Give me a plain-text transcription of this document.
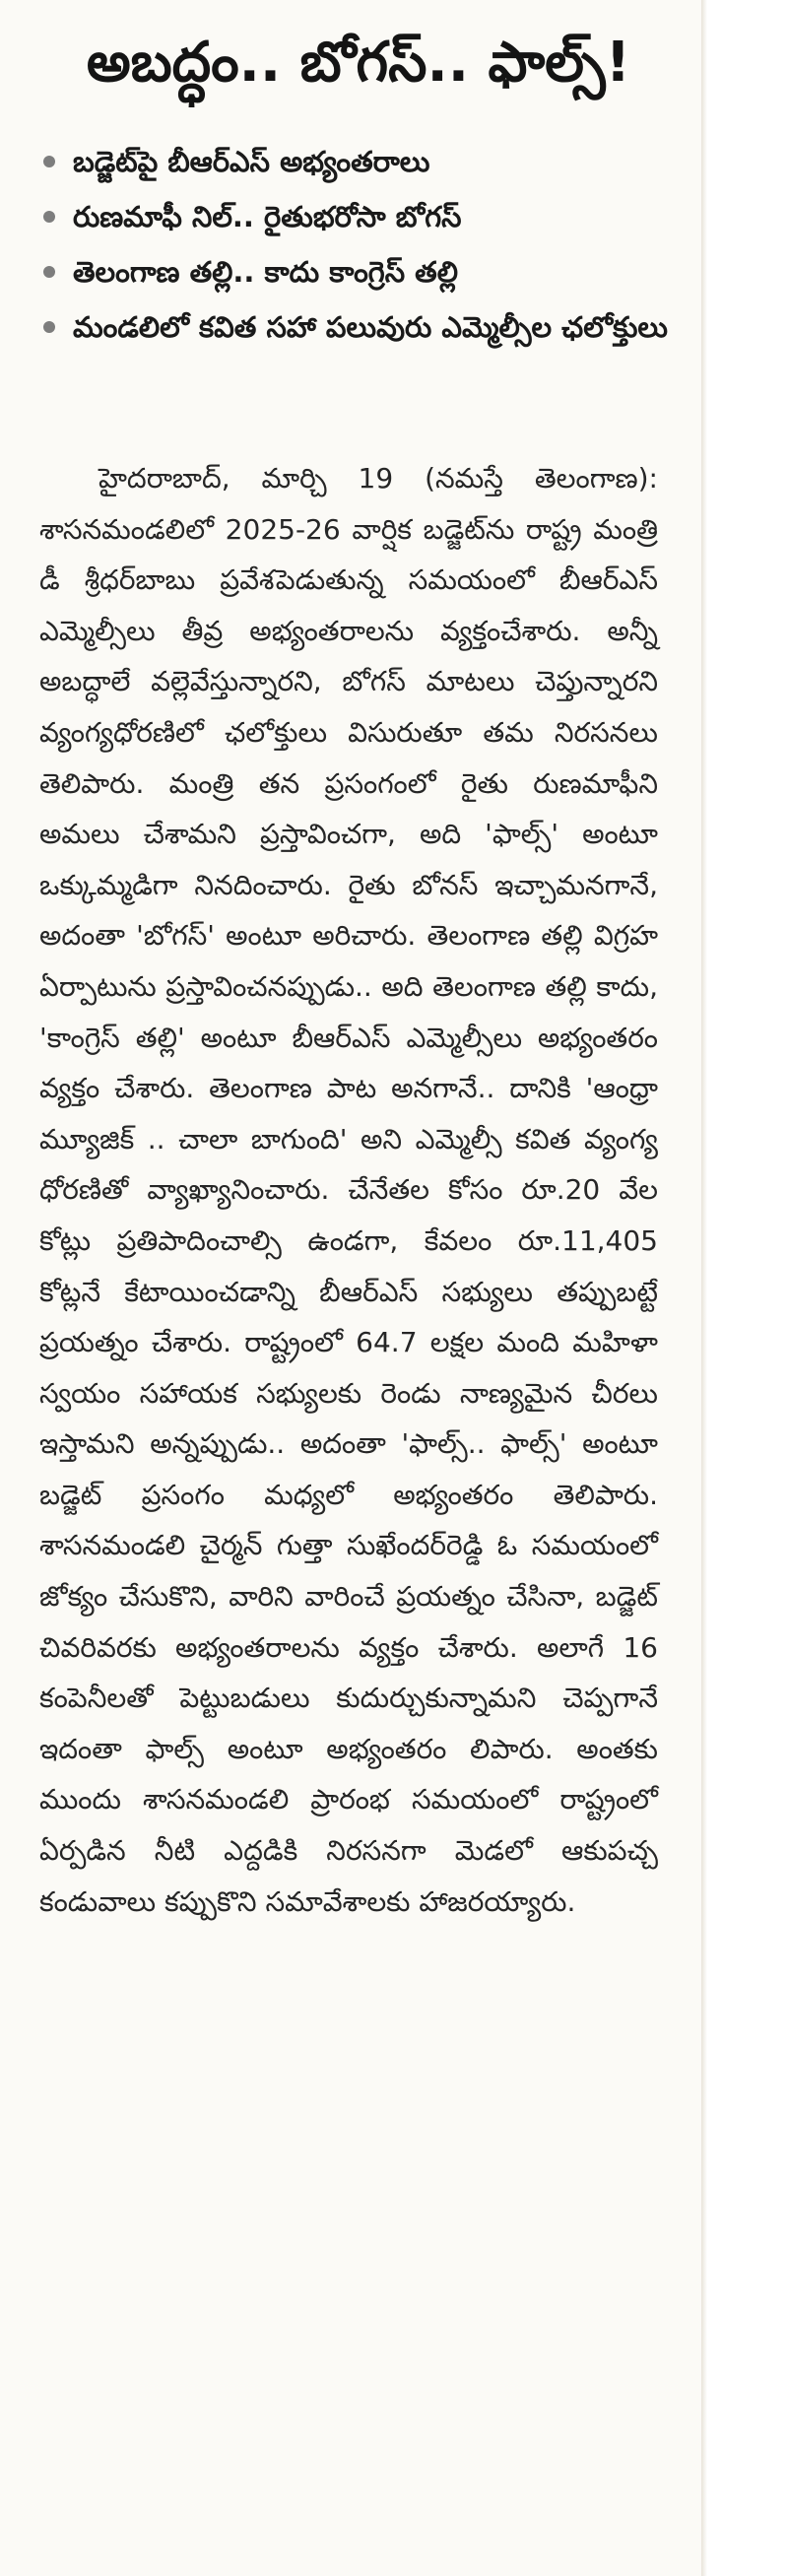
అబద్ధం.. బోగస్.. ఫాల్స్!
బడ్జెట్‌పై బీఆర్ఎస్ అభ్యంతరాలు
రుణమాఫీ నిల్.. రైతుభరోసా బోగస్
తెలంగాణ తల్లి.. కాదు కాంగ్రెస్ తల్లి
మండలిలో కవిత సహా పలువురు ఎమ్మెల్సీల ఛలోక్తులు

హైదరాబాద్, మార్చి 19 (నమస్తే తెలంగాణ): శాసనమండలిలో 2025-26 వార్షిక బడ్జెట్‌ను రాష్ట్ర మంత్రి డీ శ్రీధర్‌బాబు ప్రవేశపెడుతున్న సమయంలో బీఆర్ఎస్ ఎమ్మెల్సీలు తీవ్ర అభ్యంతరాలను వ్యక్తంచేశారు. అన్నీ అబద్ధాలే వల్లెవేస్తున్నారని, బోగస్ మాటలు చెప్తున్నారని వ్యంగ్యధోరణిలో ఛలోక్తులు విసురుతూ తమ నిరసనలు తెలిపారు. మంత్రి తన ప్రసంగంలో రైతు రుణమాఫీని అమలు చేశామని ప్రస్తావించగా, అది 'ఫాల్స్' అంటూ ఒక్కుమ్మడిగా నినదించారు. రైతు బోనస్ ఇచ్చామనగానే, అదంతా 'బోగస్' అంటూ అరిచారు. తెలంగాణ తల్లి విగ్రహ ఏర్పాటును ప్రస్తావించనప్పుడు.. అది తెలంగాణ తల్లి కాదు, 'కాంగ్రెస్ తల్లి' అంటూ బీఆర్ఎస్ ఎమ్మెల్సీలు అభ్యంతరం వ్యక్తం చేశారు. తెలంగాణ పాట అనగానే.. దానికి 'ఆంధ్రా మ్యూజిక్ .. చాలా బాగుంది' అని ఎమ్మెల్సీ కవిత వ్యంగ్య ధోరణితో వ్యాఖ్యానించారు. చేనేతల కోసం రూ.20 వేల కోట్లు ప్రతిపాదించాల్సి ఉండగా, కేవలం రూ.11,405 కోట్లనే కేటాయించడాన్ని బీఆర్ఎస్ సభ్యులు తప్పుబట్టే ప్రయత్నం చేశారు. రాష్ట్రంలో 64.7 లక్షల మంది మహిళా స్వయం సహాయక సభ్యులకు రెండు నాణ్యమైన చీరలు ఇస్తామని అన్నప్పుడు.. అదంతా 'ఫాల్స్.. ఫాల్స్' అంటూ బడ్జెట్ ప్రసంగం మధ్యలో అభ్యంతరం తెలిపారు. శాసనమండలి చైర్మన్ గుత్తా సుఖేందర్‌రెడ్డి ఓ సమయంలో జోక్యం చేసుకొని, వారిని వారించే ప్రయత్నం చేసినా, బడ్జెట్ చివరివరకు అభ్యంతరాలను వ్యక్తం చేశారు. అలాగే 16 కంపెనీలతో పెట్టుబడులు కుదుర్చుకున్నామని చెప్పగానే ఇదంతా ఫాల్స్ అంటూ అభ్యంతరం లిపారు. అంతకు ముందు శాసనమండలి ప్రారంభ సమయంలో రాష్ట్రంలో ఏర్పడిన నీటి ఎద్దడికి నిరసనగా మెడలో ఆకుపచ్చ కండువాలు కప్పుకొని సమావేశాలకు హాజరయ్యారు.
